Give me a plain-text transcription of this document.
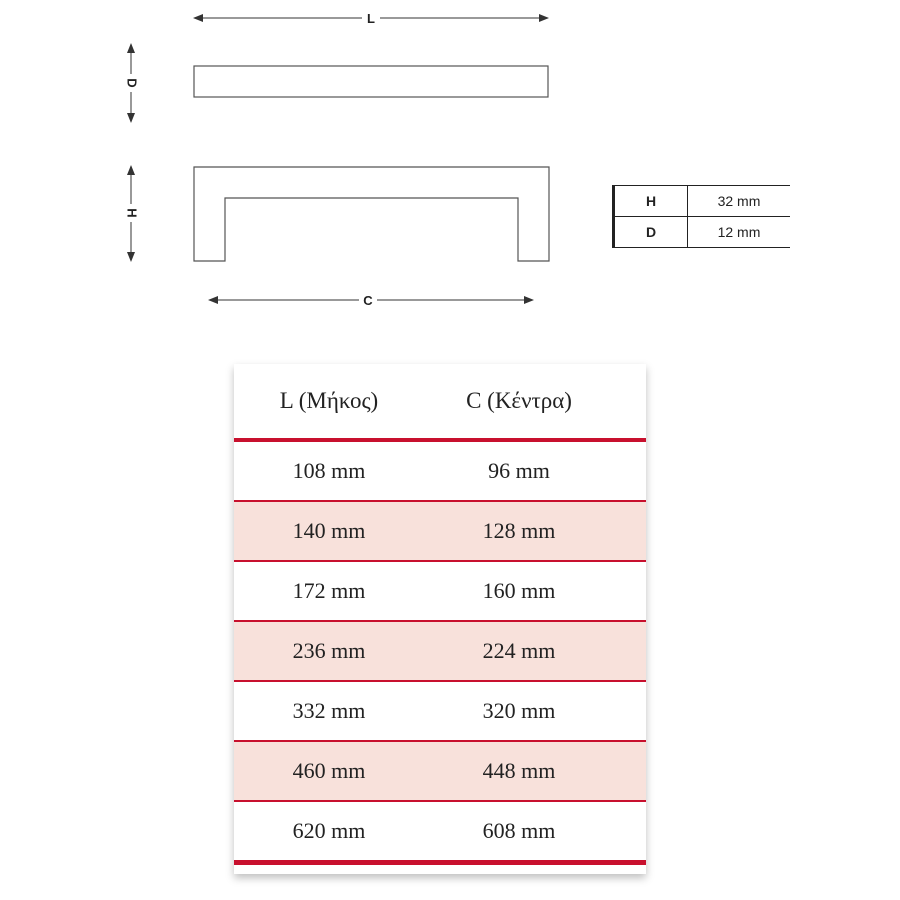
L
D
H
C
H	32 mm
D	12 mm
L (Μήκος)	C (Κέντρα)	
108 mm	96 mm	
140 mm	128 mm	
172 mm	160 mm	
236 mm	224 mm	
332 mm	320 mm	
460 mm	448 mm	
620 mm	608 mm	
